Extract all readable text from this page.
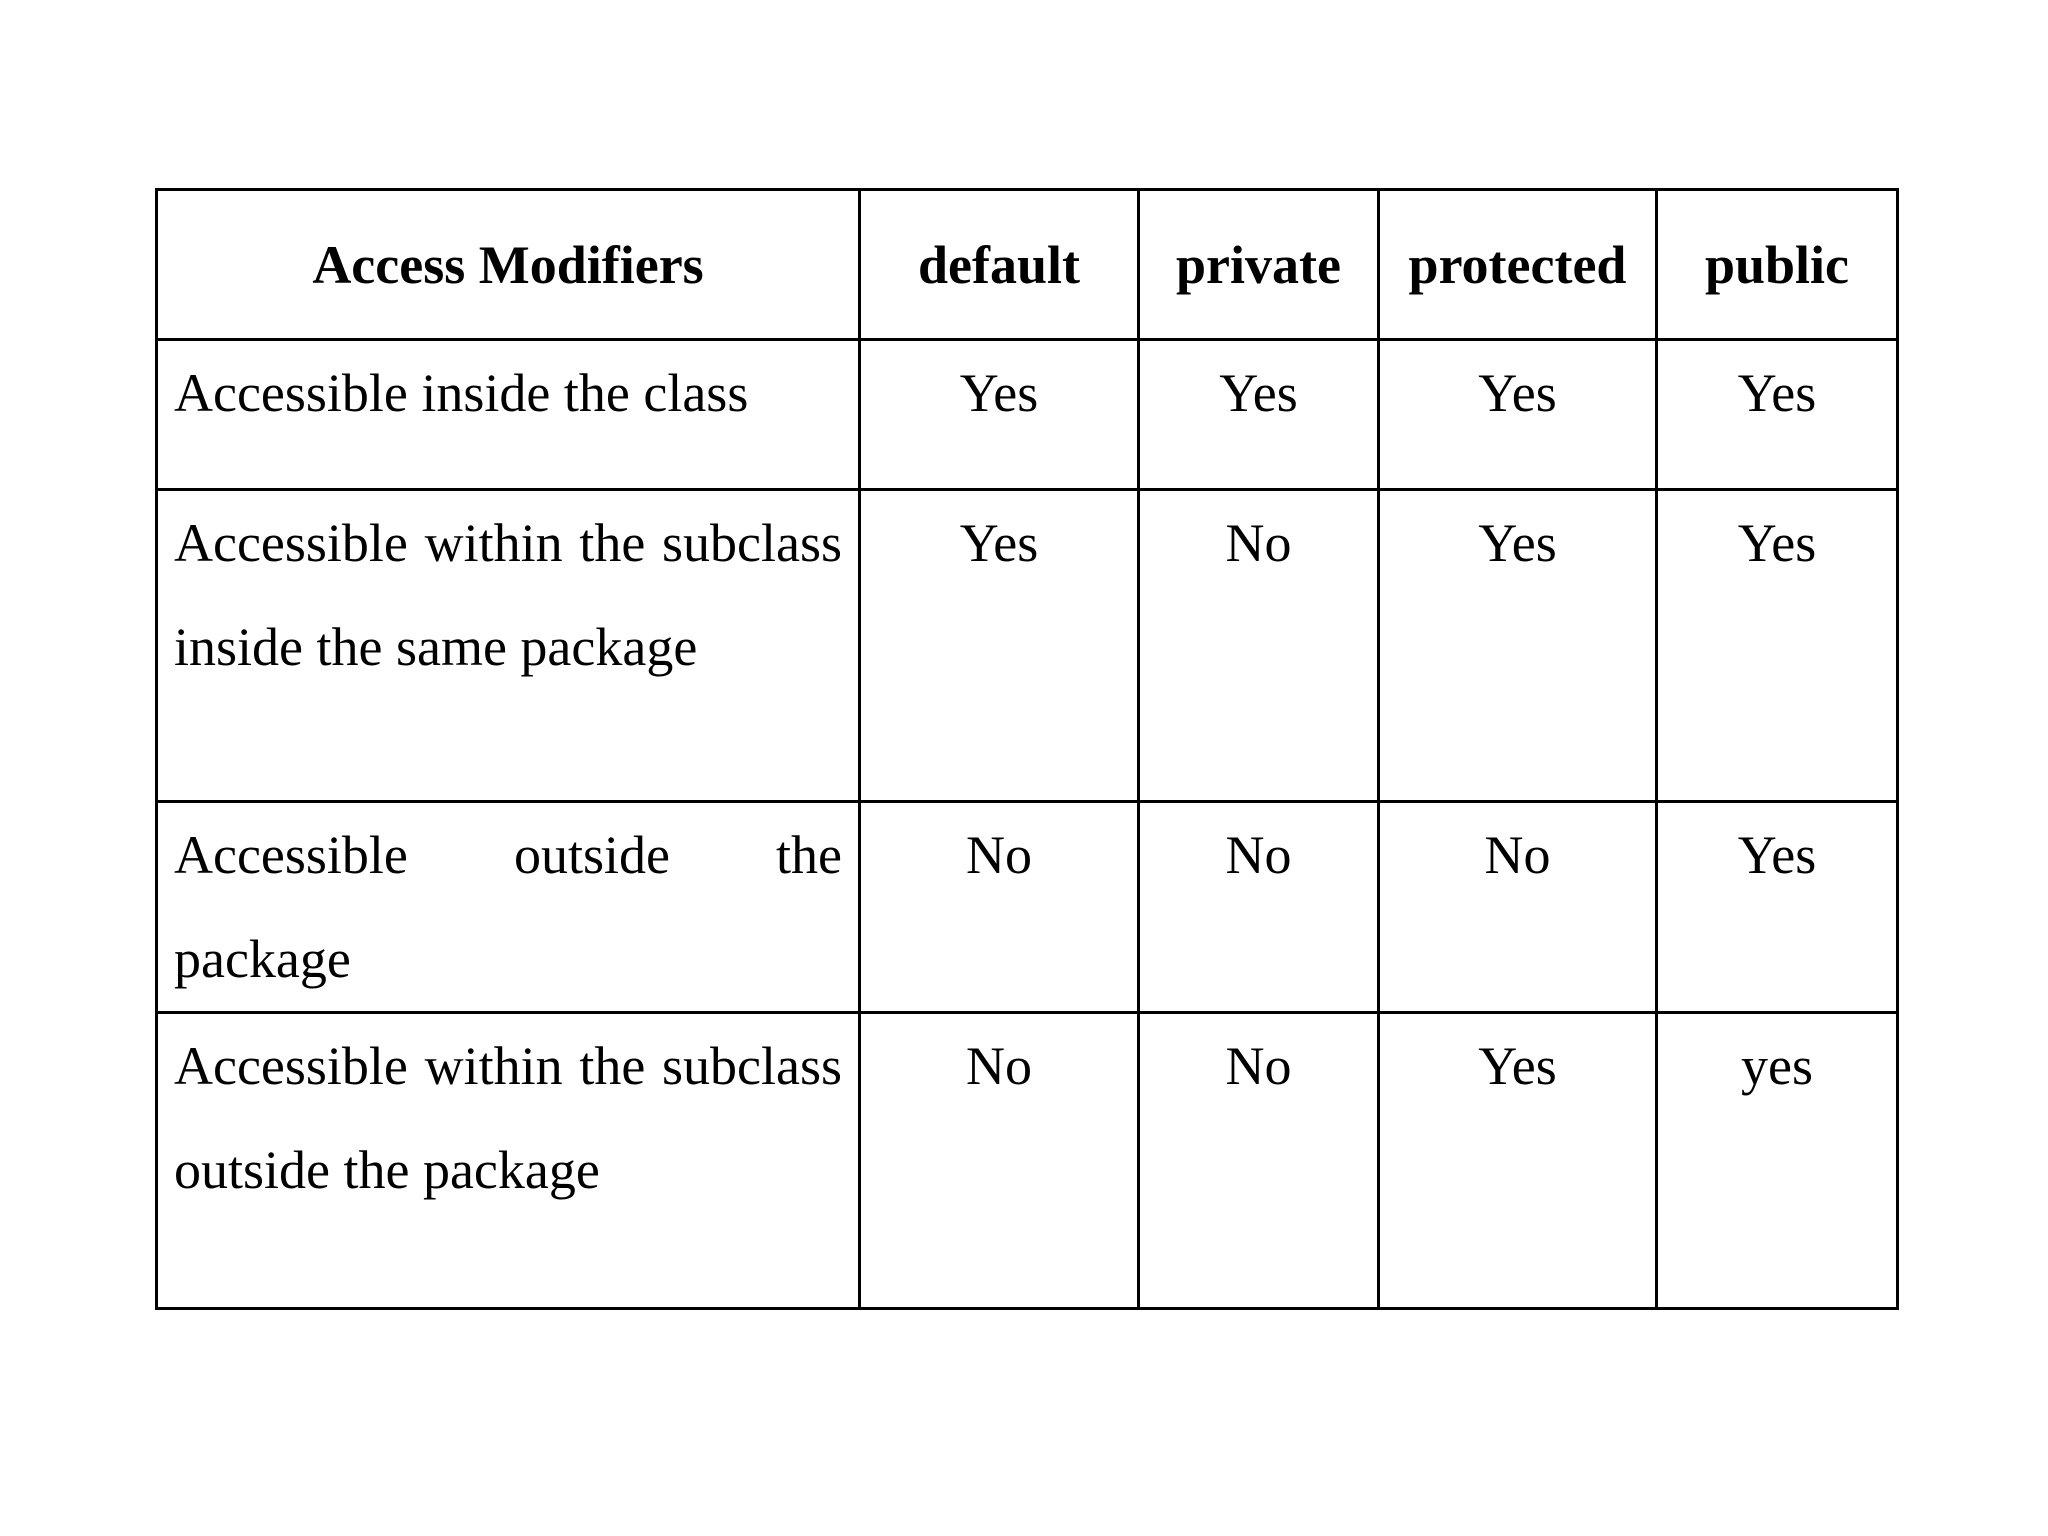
Access Modifiers	default	private	protected	public
Accessible inside the class	Yes	Yes	Yes	Yes
Accessible within the subclass inside the same package	Yes	No	Yes	Yes
Accessible outside the package	No	No	No	Yes
Accessible within the subclass outside the package	No	No	Yes	yes
